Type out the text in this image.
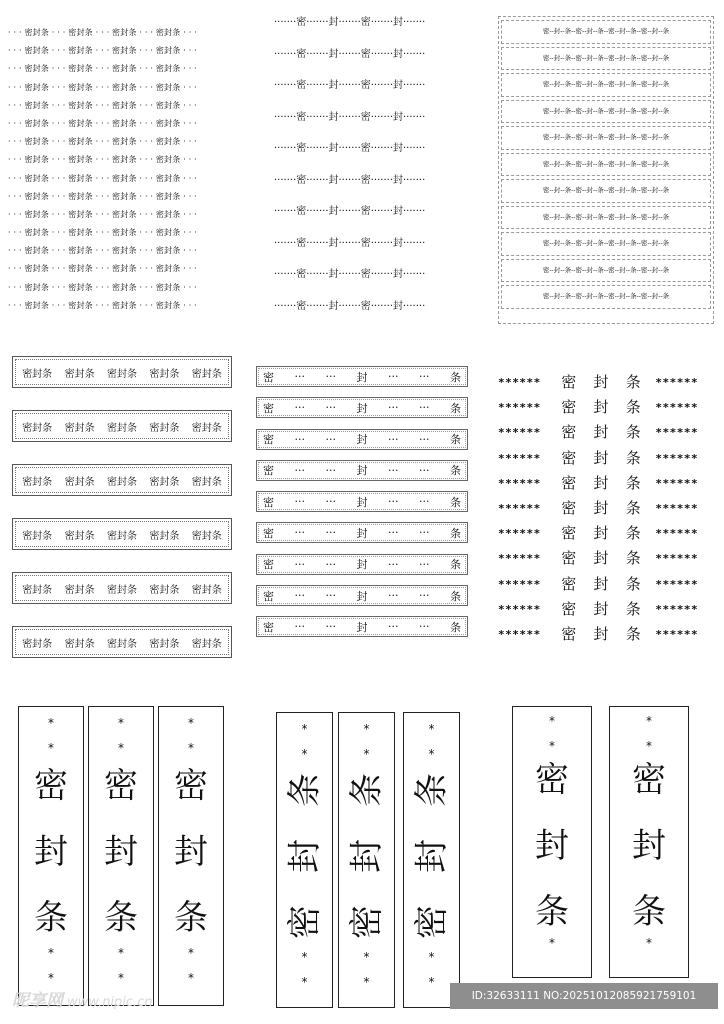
· · · 密封条 · · · 密封条 · · · 密封条 · · · 密封条 · · ·
· · · 密封条 · · · 密封条 · · · 密封条 · · · 密封条 · · ·
· · · 密封条 · · · 密封条 · · · 密封条 · · · 密封条 · · ·
· · · 密封条 · · · 密封条 · · · 密封条 · · · 密封条 · · ·
· · · 密封条 · · · 密封条 · · · 密封条 · · · 密封条 · · ·
· · · 密封条 · · · 密封条 · · · 密封条 · · · 密封条 · · ·
· · · 密封条 · · · 密封条 · · · 密封条 · · · 密封条 · · ·
· · · 密封条 · · · 密封条 · · · 密封条 · · · 密封条 · · ·
· · · 密封条 · · · 密封条 · · · 密封条 · · · 密封条 · · ·
· · · 密封条 · · · 密封条 · · · 密封条 · · · 密封条 · · ·
· · · 密封条 · · · 密封条 · · · 密封条 · · · 密封条 · · ·
· · · 密封条 · · · 密封条 · · · 密封条 · · · 密封条 · · ·
· · · 密封条 · · · 密封条 · · · 密封条 · · · 密封条 · · ·
· · · 密封条 · · · 密封条 · · · 密封条 · · · 密封条 · · ·
· · · 密封条 · · · 密封条 · · · 密封条 · · · 密封条 · · ·
· · · 密封条 · · · 密封条 · · · 密封条 · · · 密封条 · · ·
·······密·······封·······密·······封·······
·······密·······封·······密·······封·······
·······密·······封·······密·······封·······
·······密·······封·······密·······封·······
·······密·······封·······密·······封·······
·······密·······封·······密·······封·······
·······密·······封·······密·······封·······
·······密·······封·······密·······封·······
·······密·······封·······密·······封·······
·······密·······封·······密·······封·······
密--封--条--密--封--条--密--封--条--密--封--条
密--封--条--密--封--条--密--封--条--密--封--条
密--封--条--密--封--条--密--封--条--密--封--条
密--封--条--密--封--条--密--封--条--密--封--条
密--封--条--密--封--条--密--封--条--密--封--条
密--封--条--密--封--条--密--封--条--密--封--条
密--封--条--密--封--条--密--封--条--密--封--条
密--封--条--密--封--条--密--封--条--密--封--条
密--封--条--密--封--条--密--封--条--密--封--条
密--封--条--密--封--条--密--封--条--密--封--条
密--封--条--密--封--条--密--封--条--密--封--条
密封条 密封条 密封条 密封条 密封条
密封条 密封条 密封条 密封条 密封条
密封条 密封条 密封条 密封条 密封条
密封条 密封条 密封条 密封条 密封条
密封条 密封条 密封条 密封条 密封条
密封条 密封条 密封条 密封条 密封条
密 ··· ··· 封 ··· ··· 条
密 ··· ··· 封 ··· ··· 条
密 ··· ··· 封 ··· ··· 条
密 ··· ··· 封 ··· ··· 条
密 ··· ··· 封 ··· ··· 条
密 ··· ··· 封 ··· ··· 条
密 ··· ··· 封 ··· ··· 条
密 ··· ··· 封 ··· ··· 条
密 ··· ··· 封 ··· ··· 条
******	密	封	条	******
******	密	封	条	******
******	密	封	条	******
******	密	封	条	******
******	密	封	条	******
******	密	封	条	******
******	密	封	条	******
******	密	封	条	******
******	密	封	条	******
******	密	封	条	******
******	密	封	条	******
*
*
密
封
条
*
*
*
*
密
封
条
*
*
*
*
密
封
条
*
*
*
*
条
封
密
*
*
*
*
条
封
密
*
*
*
*
条
封
密
*
*
*
*
密
封
条
*
*
*
密
封
条
*
昵享网 www.nipic.cn	ID:32633111 NO:20251012085921759101
